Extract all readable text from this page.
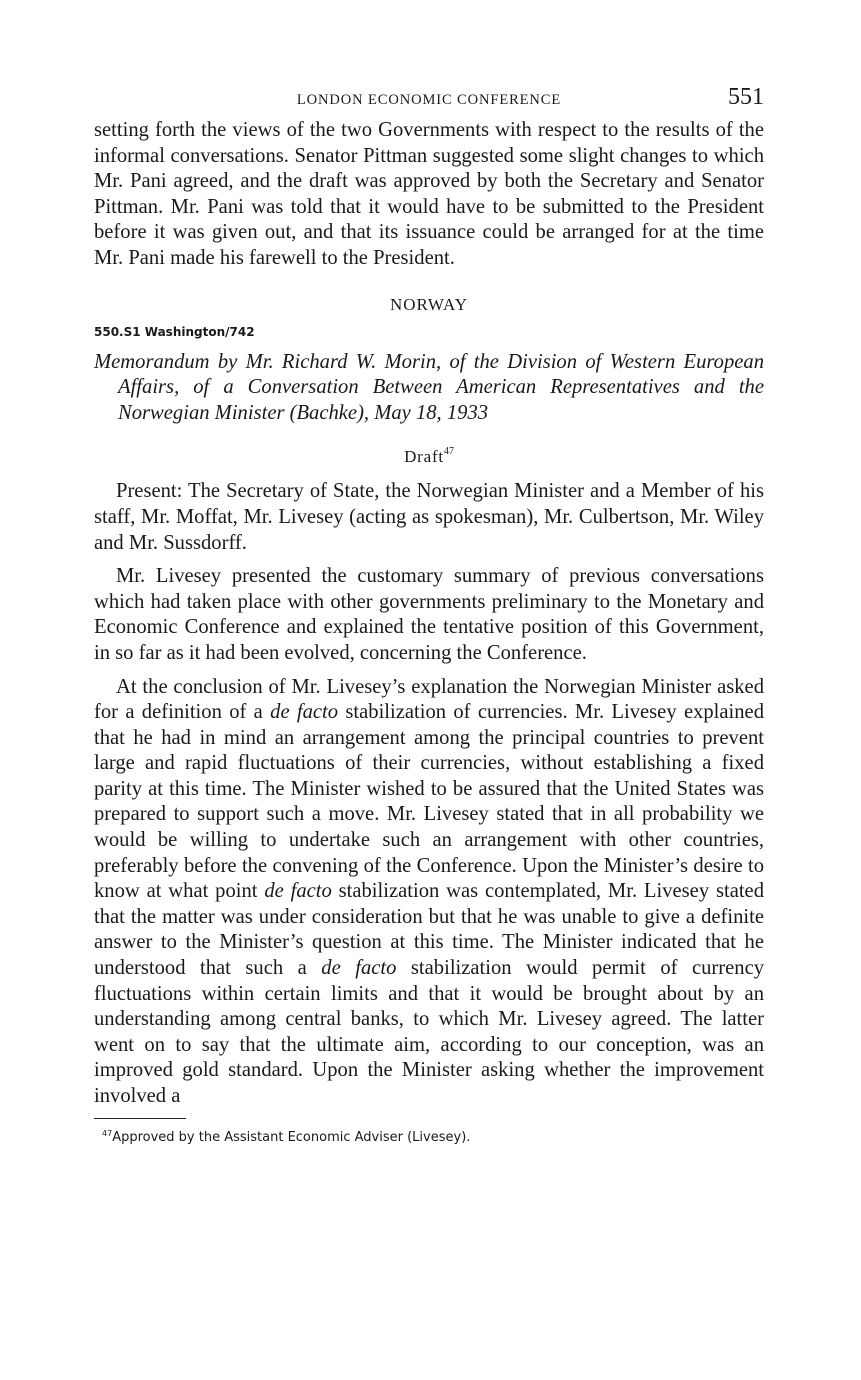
LONDON ECONOMIC CONFERENCE	551

setting forth the views of the two Governments with respect to the results of the informal conversations. Senator Pittman suggested some slight changes to which Mr. Pani agreed, and the draft was approved by both the Secretary and Senator Pittman. Mr. Pani was told that it would have to be submitted to the President before it was given out, and that its issuance could be arranged for at the time Mr. Pani made his farewell to the President.

NORWAY
550.S1 Washington/742
Memorandum by Mr. Richard W. Morin, of the Division of Western European Affairs, of a Conversation Between American Representatives and the Norwegian Minister (Bachke), May 18, 1933
Draft$^{47}$

Present: The Secretary of State, the Norwegian Minister and a Member of his staff, Mr. Moffat, Mr. Livesey (acting as spokesman), Mr. Culbertson, Mr. Wiley and Mr. Sussdorff.

Mr. Livesey presented the customary summary of previous conversations which had taken place with other governments preliminary to the Monetary and Economic Conference and explained the tentative position of this Government, in so far as it had been evolved, concerning the Conference.

At the conclusion of Mr. Livesey’s explanation the Norwegian Minister asked for a definition of a de facto stabilization of currencies. Mr. Livesey explained that he had in mind an arrangement among the principal countries to prevent large and rapid fluctuations of their currencies, without establishing a fixed parity at this time. The Minister wished to be assured that the United States was prepared to support such a move. Mr. Livesey stated that in all probability we would be willing to undertake such an arrangement with other countries, preferably before the convening of the Conference. Upon the Minister’s desire to know at what point de facto stabilization was contemplated, Mr. Livesey stated that the matter was under consideration but that he was unable to give a definite answer to the Minister’s question at this time. The Minister indicated that he understood that such a de facto stabilization would permit of currency fluctuations within certain limits and that it would be brought about by an understanding among central banks, to which Mr. Livesey agreed. The latter went on to say that the ultimate aim, according to our conception, was an improved gold standard. Upon the Minister asking whether the improvement involved a

$^{47}$Approved by the Assistant Economic Adviser (Livesey).
